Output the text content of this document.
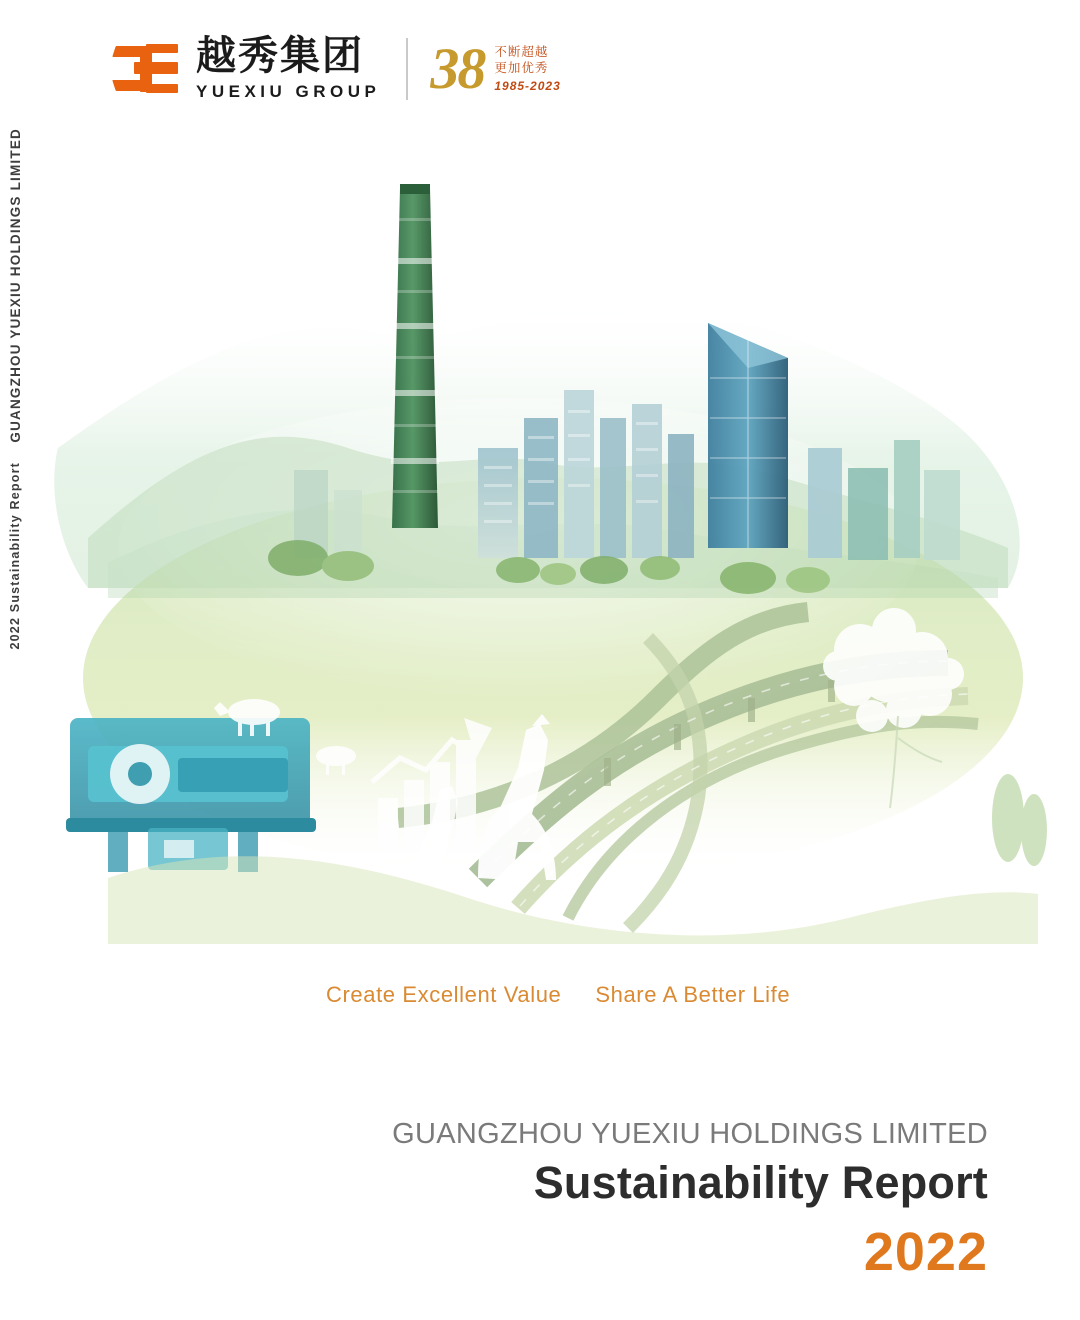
GUANGZHOU YUEXIU HOLDINGS LIMITED
2022 Sustainability Report
越秀集团
YUEXIU GROUP 38 不断超越
更加优秀
1985-2023
Create Excellent Value Share A Better Life
GUANGZHOU YUEXIU HOLDINGS LIMITED
Sustainability Report
2022
